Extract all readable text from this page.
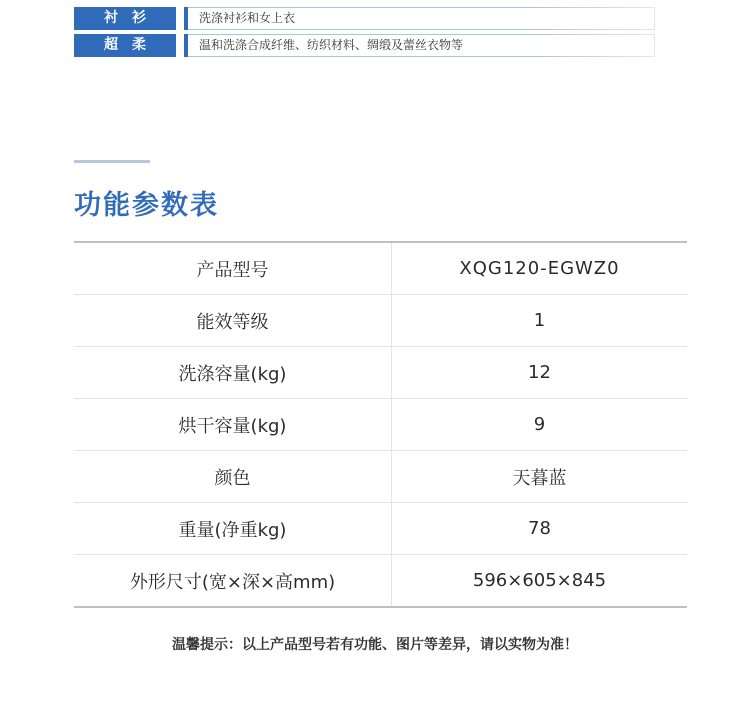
衬衫	洗涤衬衫和女上衣
超柔	温和洗涤合成纤维、纺织材料、绸缎及蕾丝衣物等
功能参数表
产品型号	XQG120-EGWZ0
能效等级	1
洗涤容量(kg)	12
烘干容量(kg)	9
颜色	天暮蓝
重量(净重kg)	78
外形尺寸(宽×深×高mm)	596×605×845
温馨提示：以上产品型号若有功能、图片等差异，请以实物为准！
